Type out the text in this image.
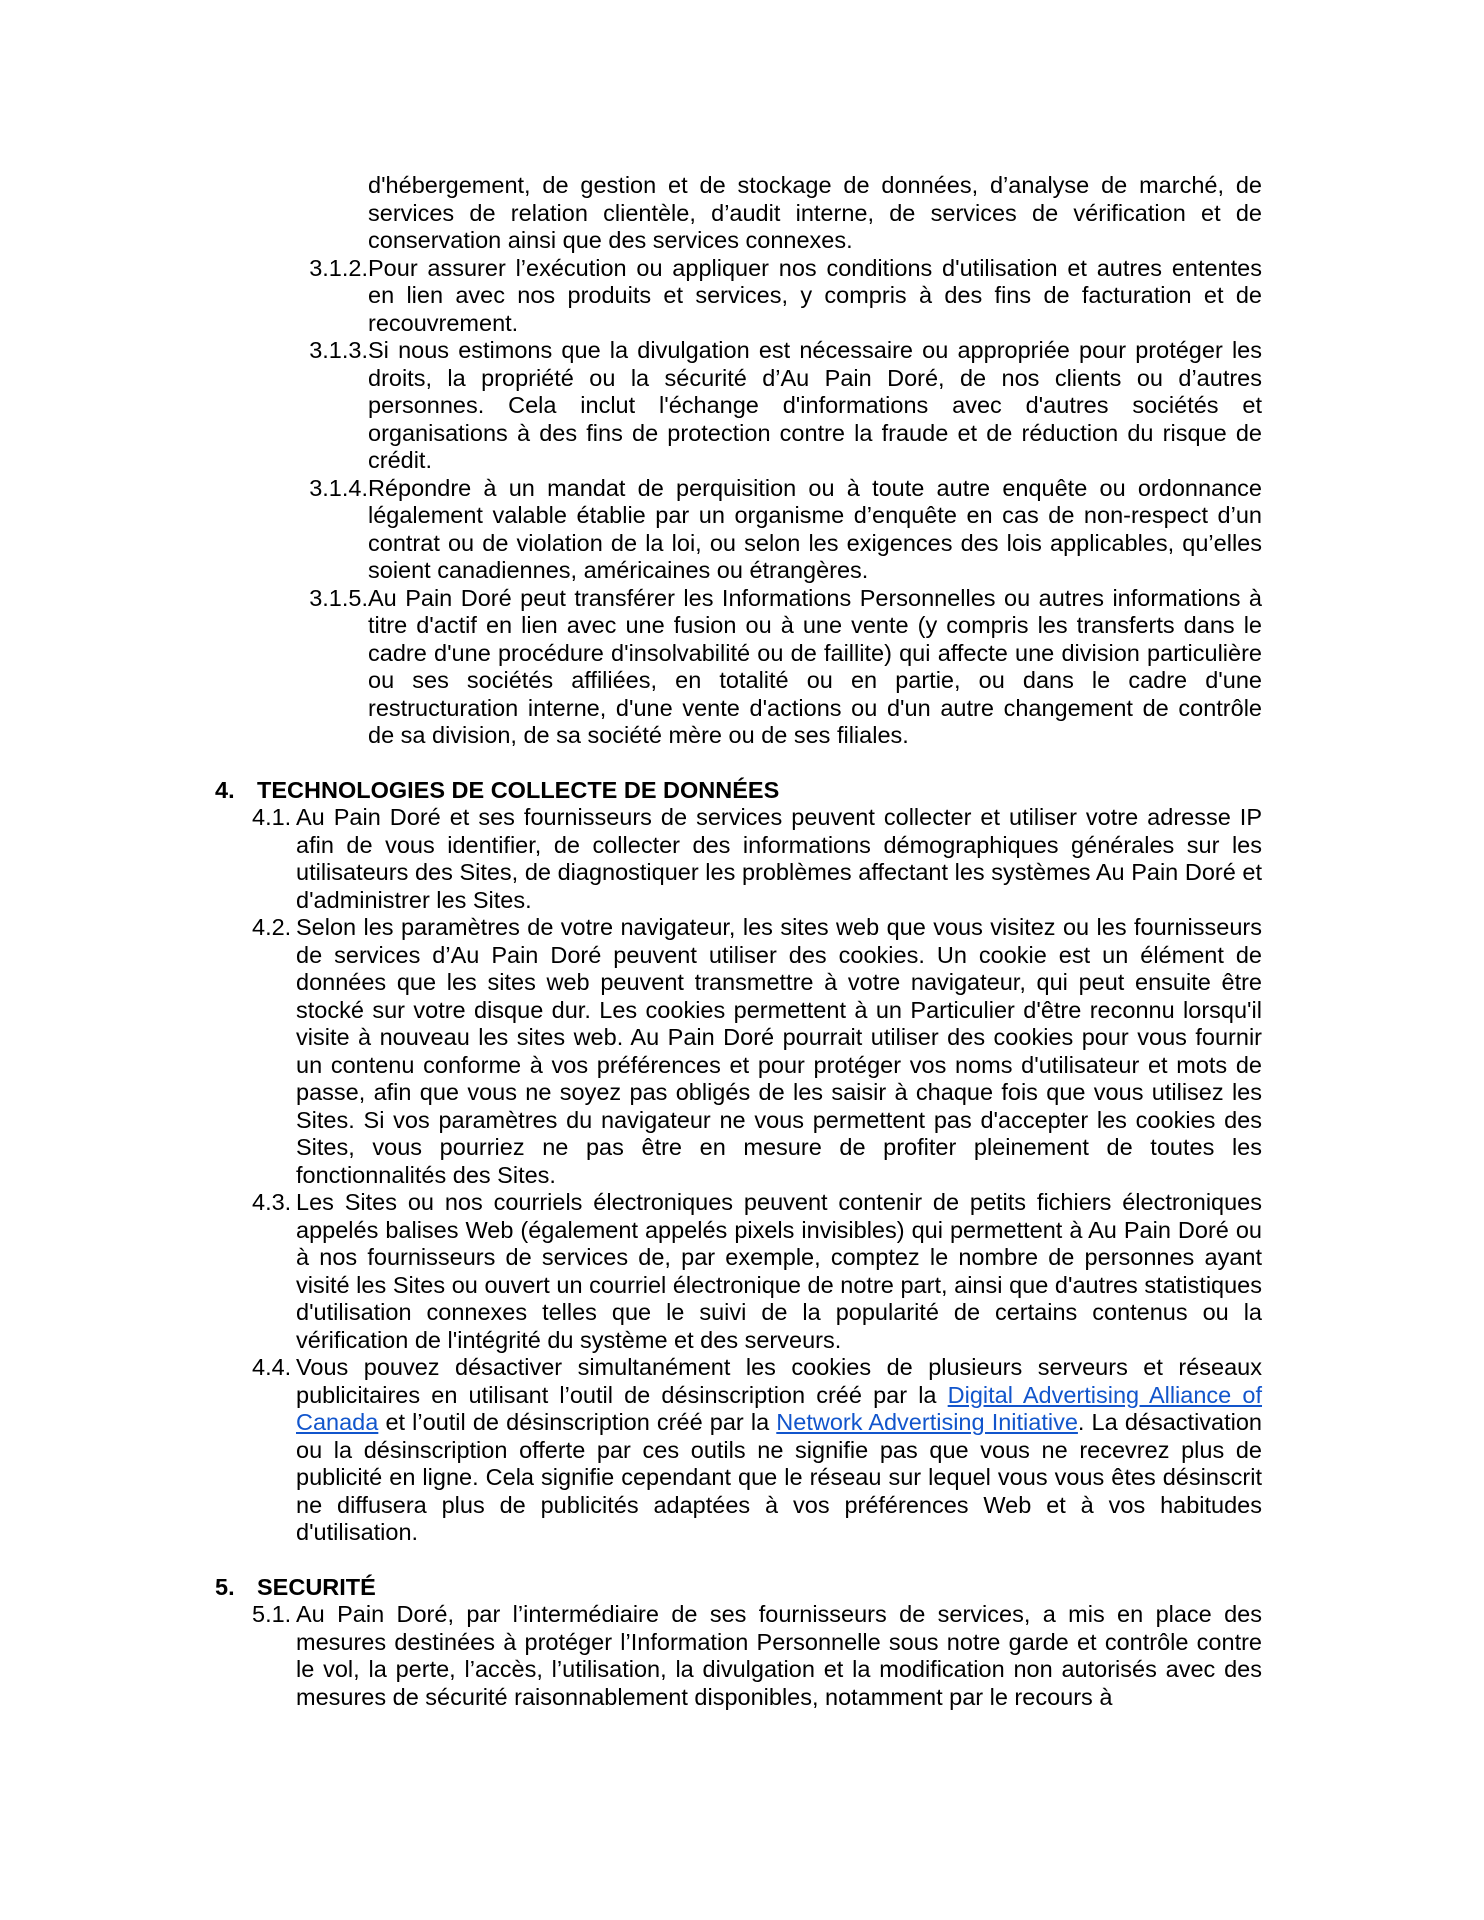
d'hébergement, de gestion et de stockage de données, d’analyse de marché, de services de relation clientèle, d’audit interne, de services de vérification et de conservation ainsi que des services connexes.
3.1.2. Pour assurer l’exécution ou appliquer nos conditions d'utilisation et autres ententes en lien avec nos produits et services, y compris à des fins de facturation et de recouvrement.
3.1.3. Si nous estimons que la divulgation est nécessaire ou appropriée pour protéger les droits, la propriété ou la sécurité d’Au Pain Doré, de nos clients ou d’autres personnes. Cela inclut l'échange d'informations avec d'autres sociétés et organisations à des fins de protection contre la fraude et de réduction du risque de crédit.
3.1.4. Répondre à un mandat de perquisition ou à toute autre enquête ou ordonnance légalement valable établie par un organisme d’enquête en cas de non-respect d’un contrat ou de violation de la loi, ou selon les exigences des lois applicables, qu’elles soient canadiennes, américaines ou étrangères.
3.1.5. Au Pain Doré peut transférer les Informations Personnelles ou autres informations à titre d'actif en lien avec une fusion ou à une vente (y compris les transferts dans le cadre d'une procédure d'insolvabilité ou de faillite) qui affecte une division particulière ou ses sociétés affiliées, en totalité ou en partie, ou dans le cadre d'une restructuration interne, d'une vente d'actions ou d'un autre changement de contrôle de sa division, de sa société mère ou de ses filiales.
4. TECHNOLOGIES DE COLLECTE DE DONNÉES
4.1. Au Pain Doré et ses fournisseurs de services peuvent collecter et utiliser votre adresse IP afin de vous identifier, de collecter des informations démographiques générales sur les utilisateurs des Sites, de diagnostiquer les problèmes affectant les systèmes Au Pain Doré et d'administrer les Sites.
4.2. Selon les paramètres de votre navigateur, les sites web que vous visitez ou les fournisseurs de services d’Au Pain Doré peuvent utiliser des cookies. Un cookie est un élément de données que les sites web peuvent transmettre à votre navigateur, qui peut ensuite être stocké sur votre disque dur. Les cookies permettent à un Particulier d'être reconnu lorsqu'il visite à nouveau les sites web. Au Pain Doré pourrait utiliser des cookies pour vous fournir un contenu conforme à vos préférences et pour protéger vos noms d'utilisateur et mots de passe, afin que vous ne soyez pas obligés de les saisir à chaque fois que vous utilisez les Sites. Si vos paramètres du navigateur ne vous permettent pas d'accepter les cookies des Sites, vous pourriez ne pas être en mesure de profiter pleinement de toutes les fonctionnalités des Sites.
4.3. Les Sites ou nos courriels électroniques peuvent contenir de petits fichiers électroniques appelés balises Web (également appelés pixels invisibles) qui permettent à Au Pain Doré ou à nos fournisseurs de services de, par exemple, comptez le nombre de personnes ayant visité les Sites ou ouvert un courriel électronique de notre part, ainsi que d'autres statistiques d'utilisation connexes telles que le suivi de la popularité de certains contenus ou la vérification de l'intégrité du système et des serveurs.
4.4. Vous pouvez désactiver simultanément les cookies de plusieurs serveurs et réseaux publicitaires en utilisant l’outil de désinscription créé par la Digital Advertising Alliance of Canada et l’outil de désinscription créé par la Network Advertising Initiative. La désactivation ou la désinscription offerte par ces outils ne signifie pas que vous ne recevrez plus de publicité en ligne. Cela signifie cependant que le réseau sur lequel vous vous êtes désinscrit ne diffusera plus de publicités adaptées à vos préférences Web et à vos habitudes d'utilisation.
5. SECURITÉ
5.1. Au Pain Doré, par l’intermédiaire de ses fournisseurs de services, a mis en place des mesures destinées à protéger l’Information Personnelle sous notre garde et contrôle contre le vol, la perte, l’accès, l’utilisation, la divulgation et la modification non autorisés avec des mesures de sécurité raisonnablement disponibles, notamment par le recours à
